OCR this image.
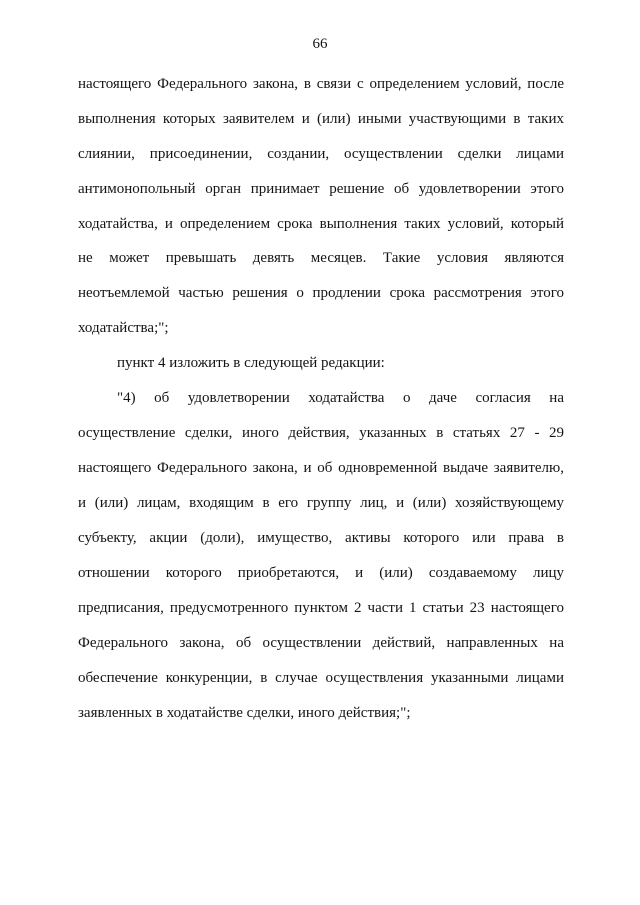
66
настоящего Федерального закона, в связи с определением условий, после
выполнения которых заявителем и (или) иными участвующими в таких
слиянии, присоединении, создании, осуществлении сделки лицами
антимонопольный орган принимает решение об удовлетворении этого
ходатайства, и определением срока выполнения таких условий, который
не может превышать девять месяцев. Такие условия являются
неотъемлемой частью решения о продлении срока рассмотрения этого
ходатайства;";
пункт 4 изложить в следующей редакции:
"4) об удовлетворении ходатайства о даче согласия на
осуществление сделки, иного действия, указанных в статьях 27 - 29
настоящего Федерального закона, и об одновременной выдаче заявителю,
и (или) лицам, входящим в его группу лиц, и (или) хозяйствующему
субъекту, акции (доли), имущество, активы которого или права в
отношении которого приобретаются, и (или) создаваемому лицу
предписания, предусмотренного пунктом 2 части 1 статьи 23 настоящего
Федерального закона, об осуществлении действий, направленных на
обеспечение конкуренции, в случае осуществления указанными лицами
заявленных в ходатайстве сделки, иного действия;";
